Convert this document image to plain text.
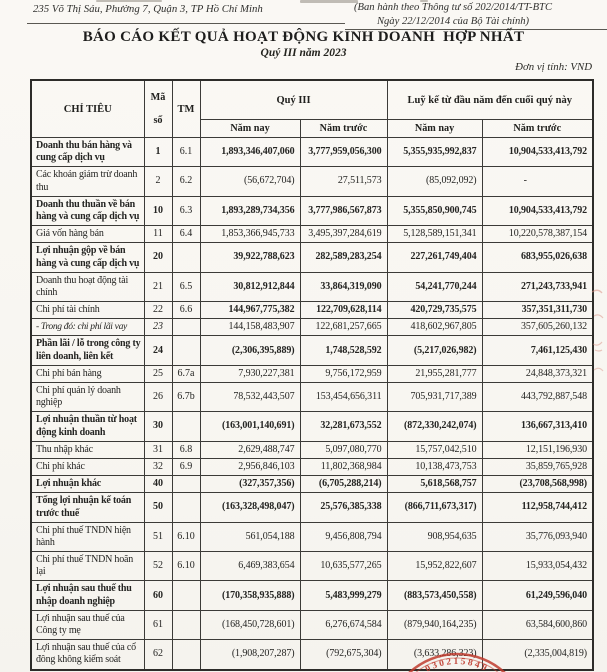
235 Võ Thị Sáu, Phường 7, Quận 3, TP Hồ Chí Minh	(Ban hành theo Thông tư số 202/2014/TT-BTC
Ngày 22/12/2014 của Bộ Tài chính)
BÁO CÁO KẾT QUẢ HOẠT ĐỘNG KINH DOANH  HỢP NHẤT
Quý III năm 2023
Đơn vị tính: VND
CHỈ TIÊU	Mã số	TM	Quý III		Luỹ kế từ đầu năm đến cuối quý này	
			Năm nay	Năm trước	Năm nay	Năm trước
Doanh thu bán hàng và cung cấp dịch vụ	1	6.1	1,893,346,407,060	3,777,959,056,300	5,355,935,992,837	10,904,533,413,792
Các khoản giảm trừ doanh thu	2	6.2	(56,672,704)	27,511,573	(85,092,092)	-
Doanh thu thuần về bán hàng và cung cấp dịch vụ	10	6.3	1,893,289,734,356	3,777,986,567,873	5,355,850,900,745	10,904,533,413,792
Giá vốn hàng bán	11	6.4	1,853,366,945,733	3,495,397,284,619	5,128,589,151,341	10,220,578,387,154
Lợi nhuận gộp về bán hàng và cung cấp dịch vụ	20		39,922,788,623	282,589,283,254	227,261,749,404	683,955,026,638
Doanh thu hoạt động tài chính	21	6.5	30,812,912,844	33,864,319,090	54,241,770,244	271,243,733,941
Chi phí tài chính	22	6.6	144,967,775,382	122,709,628,114	420,729,735,575	357,351,311,730
- Trong đó: chi phí lãi vay	23		144,158,483,907	122,681,257,665	418,602,967,805	357,605,260,132
Phần lãi / lỗ trong công ty liên doanh, liên kết	24		(2,306,395,889)	1,748,528,592	(5,217,026,982)	7,461,125,430
Chi phí bán hàng	25	6.7a	7,930,227,381	9,756,172,959	21,955,281,777	24,848,373,321
Chi phí quản lý doanh nghiệp	26	6.7b	78,532,443,507	153,454,656,311	705,931,717,389	443,792,887,548
Lợi nhuận thuần từ hoạt động kinh doanh	30		(163,001,140,691)	32,281,673,552	(872,330,242,074)	136,667,313,410
Thu nhập khác	31	6.8	2,629,488,747	5,097,080,770	15,757,042,510	12,151,196,930
Chi phí khác	32	6.9	2,956,846,103	11,802,368,984	10,138,473,753	35,859,765,928
Lợi nhuận khác	40		(327,357,356)	(6,705,288,214)	5,618,568,757	(23,708,568,998)
Tổng lợi nhuận kế toán trước thuế	50		(163,328,498,047)	25,576,385,338	(866,711,673,317)	112,958,744,412
Chi phí thuế TNDN hiện hành	51	6.10	561,054,188	9,456,808,794	908,954,635	35,776,093,940
Chi phí thuế TNDN hoãn lại	52	6.10	6,469,383,654	10,635,577,265	15,952,822,607	15,933,054,432
Lợi nhuận sau thuế thu nhập doanh nghiệp	60		(170,358,935,888)	5,483,999,279	(883,573,450,558)	61,249,596,040
Lợi nhuận sau thuế của Công ty mẹ	61		(168,450,728,601)	6,276,674,584	(879,940,164,235)	63,584,600,860
Lợi nhuận sau thuế của cổ đông không kiểm soát	62		(1,908,207,287)	(792,675,304)	(3,633,286,323)	(2,335,004,819)
030215849
